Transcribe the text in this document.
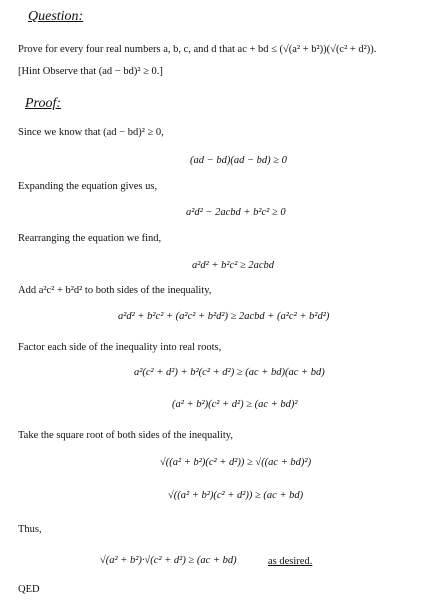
Question:
Prove for every four real numbers a, b, c, and d that ac + bd ≤ (√(a² + b²))(√(c² + d²)).
[Hint Observe that (ad − bd)² ≥ 0.]
Proof:
Since we know that (ad − bd)² ≥ 0,
(ad − bd)(ad − bd) ≥ 0
Expanding the equation gives us,
a²d² − 2acbd + b²c² ≥ 0
Rearranging the equation we find,
a²d² + b²c² ≥ 2acbd
Add a²c² + b²d² to both sides of the inequality,
a²d² + b²c² + (a²c² + b²d²) ≥ 2acbd + (a²c² + b²d²)
Factor each side of the inequality into real roots,
a²(c² + d²) + b²(c² + d²) ≥ (ac + bd)(ac + bd)
(a² + b²)(c² + d²) ≥ (ac + bd)²
Take the square root of both sides of the inequality,
√((a² + b²)(c² + d²)) ≥ √((ac + bd)²)
√((a² + b²)(c² + d²)) ≥ (ac + bd)
Thus,
√(a² + b²)·√(c² + d²) ≥ (ac + bd)	as desired.
QED
